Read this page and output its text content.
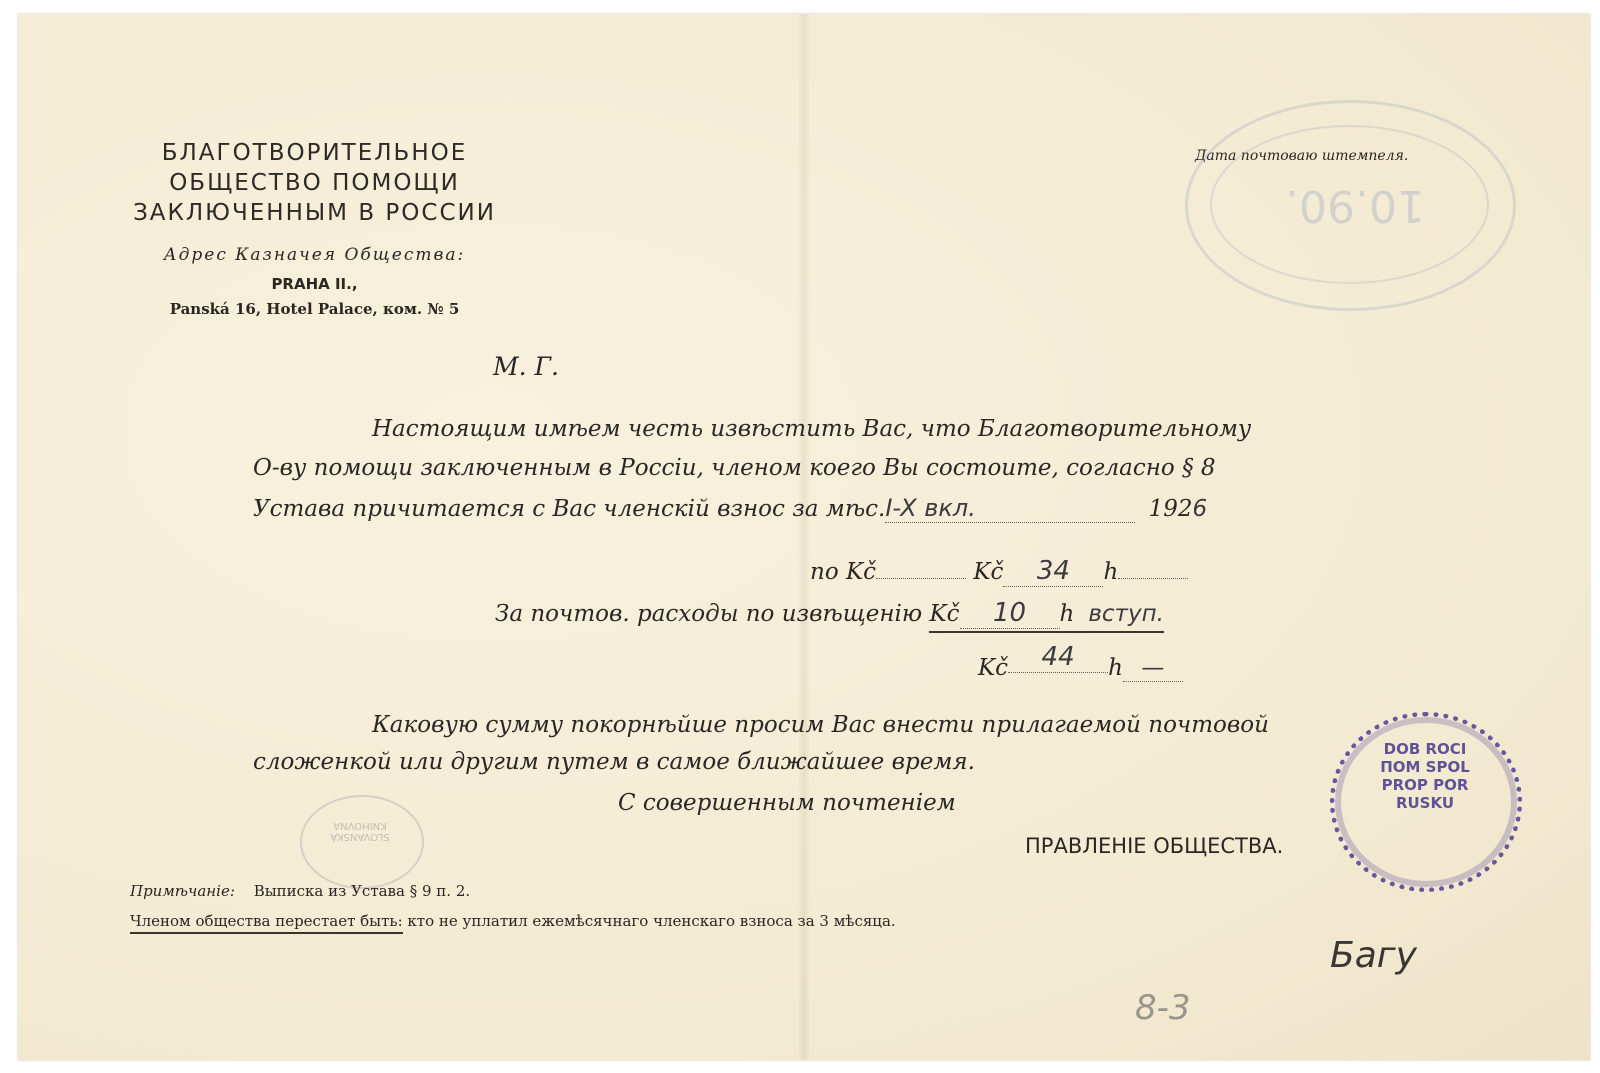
БЛАГОТВОРИТЕЛЬНОЕ
ОБЩЕСТВО ПОМОЩИ
ЗАКЛЮЧЕННЫМ В РОССИИ
Адрес Казначея Общества:
PRAHA II.,
Panská 16, Hotel Palace, ком. № 5
Дата почтоваю штемпеля.
10.90.
М. Г.
Настоящим имѣем честь извѣстить Вас, что Благотворительному
О-ву помощи заключенным в Россіи, членом коего Вы состоите, согласно § 8
Устава причитается с Вас членскій взнос за мѣс.I-X вкл.	1926
по Kč	Kč 34 h
За почтов. расходы по извѣщенію Kč 10 h вступ.
Kč 44 h —
Каковую сумму покорнѣйше просим Вас внести прилагаемой почтовой
сложенкой или другим путем в самое ближайшее время.
С совершенным почтеніем
ПРАВЛЕНІЕ ОБЩЕСТВА.
DOB ROCI ПОМ SPOL PROP POR RUSKU
SLOVANSKÁ KNIHOVNA
Примѣчаніе: Выписка из Устава § 9 п. 2.
Членом общества перестает быть: кто не уплатил ежемѣсячнаго членскаго взноса за 3 мѣсяца.
8-3
Багу
